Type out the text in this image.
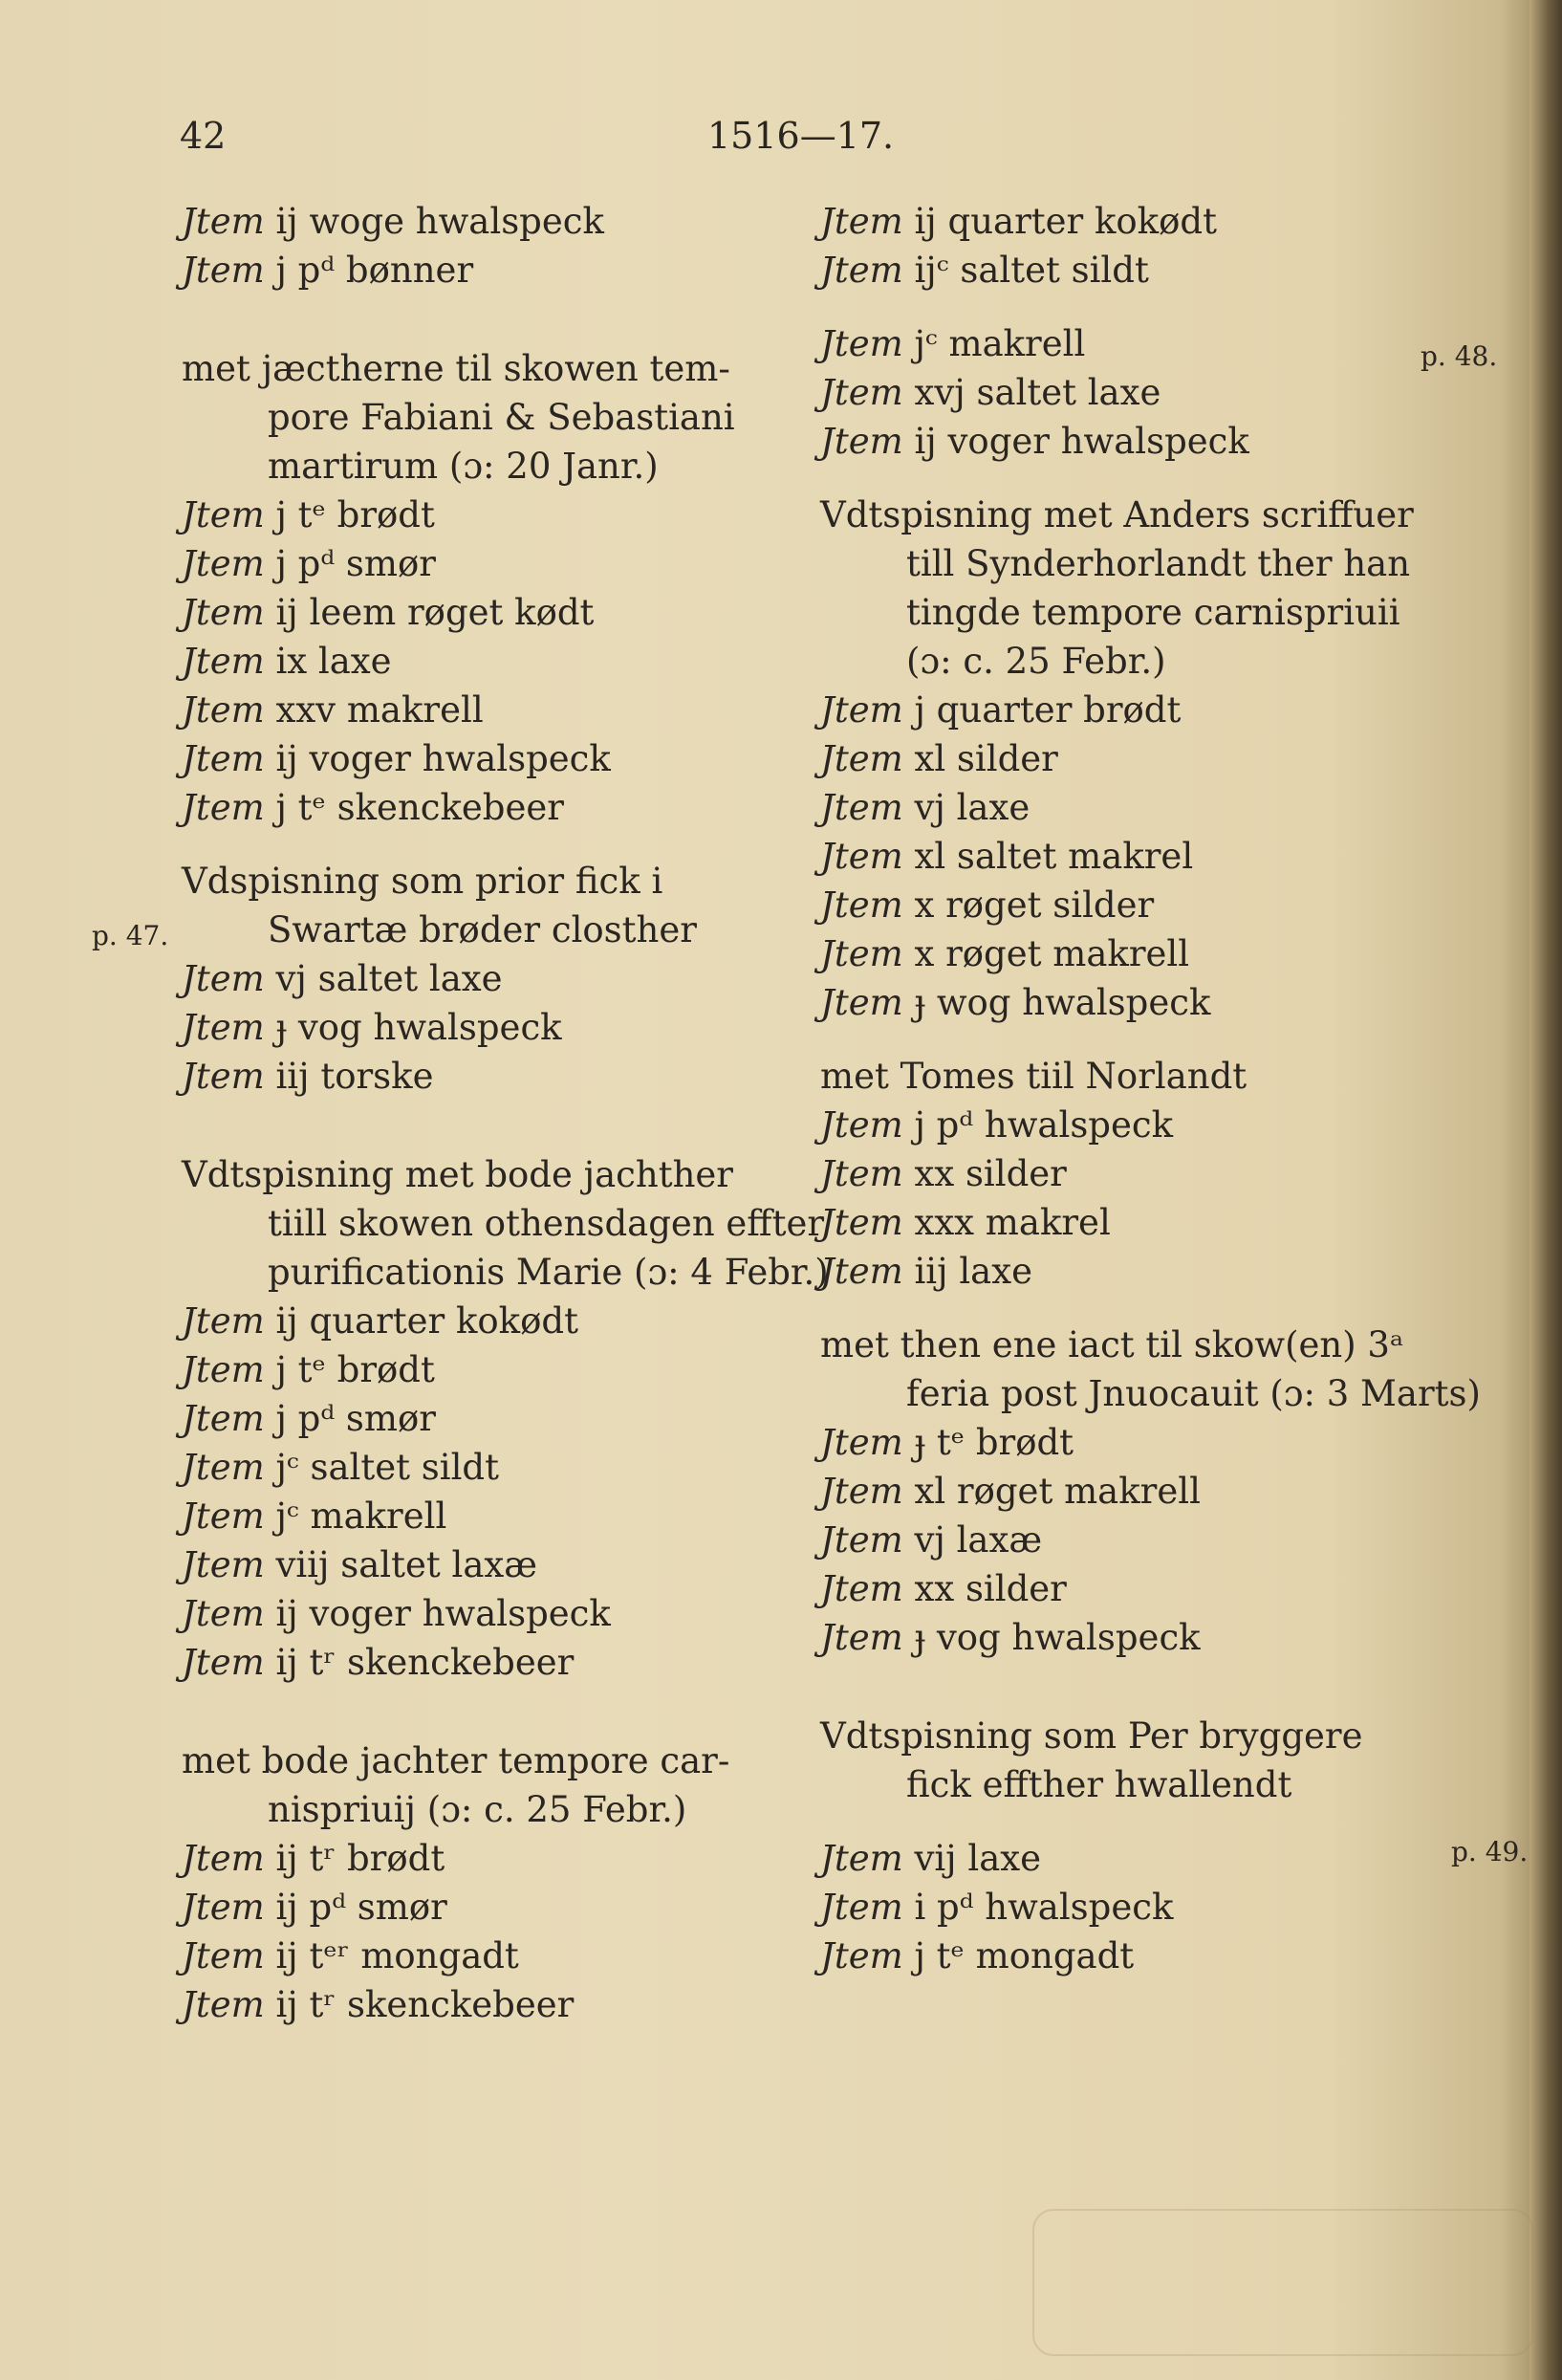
42	1516—17.
Jtem ij woge hwalspeck
Jtem j pᵈ bønner
met jæctherne til skowen tem-
pore Fabiani & Sebastiani
martirum (ɔ: 20 Janr.)
Jtem j tᵉ brødt
Jtem j pᵈ smør
Jtem ij leem røget kødt
Jtem ix laxe
Jtem xxv makrell
Jtem ij voger hwalspeck
Jtem j tᵉ skenckebeer
Vdspisning som prior fick i
Swartæ brøder closther
Jtem vj saltet laxe
Jtem ɟ vog hwalspeck
Jtem iij torske
Vdtspisning met bode jachther
tiill skowen othensdagen effter
purificationis Marie (ɔ: 4 Febr.)
Jtem ij quarter kokødt
Jtem j tᵉ brødt
Jtem j pᵈ smør
Jtem jᶜ saltet sildt
Jtem jᶜ makrell
Jtem viij saltet laxæ
Jtem ij voger hwalspeck
Jtem ij tʳ skenckebeer
met bode jachter tempore car-
nispriuij (ɔ: c. 25 Febr.)
Jtem ij tʳ brødt
Jtem ij pᵈ smør
Jtem ij tᵉʳ mongadt
Jtem ij tʳ skenckebeer
Jtem ij quarter kokødt
Jtem ijᶜ saltet sildt
Jtem jᶜ makrell
Jtem xvj saltet laxe
Jtem ij voger hwalspeck
Vdtspisning met Anders scriffuer
till Synderhorlandt ther han
tingde tempore carnispriuii
(ɔ: c. 25 Febr.)
Jtem j quarter brødt
Jtem xl silder
Jtem vj laxe
Jtem xl saltet makrel
Jtem x røget silder
Jtem x røget makrell
Jtem ɟ wog hwalspeck
met Tomes tiil Norlandt
Jtem j pᵈ hwalspeck
Jtem xx silder
Jtem xxx makrel
Jtem iij laxe
met then ene iact til skow(en) 3ᵃ
feria post Jnuocauit (ɔ: 3 Marts)
Jtem ɟ tᵉ brødt
Jtem xl røget makrell
Jtem vj laxæ
Jtem xx silder
Jtem ɟ vog hwalspeck
Vdtspisning som Per bryggere
fick effther hwallendt
Jtem vij laxe
Jtem i pᵈ hwalspeck
Jtem j tᵉ mongadt
p. 47.
p. 48.
p. 49.
